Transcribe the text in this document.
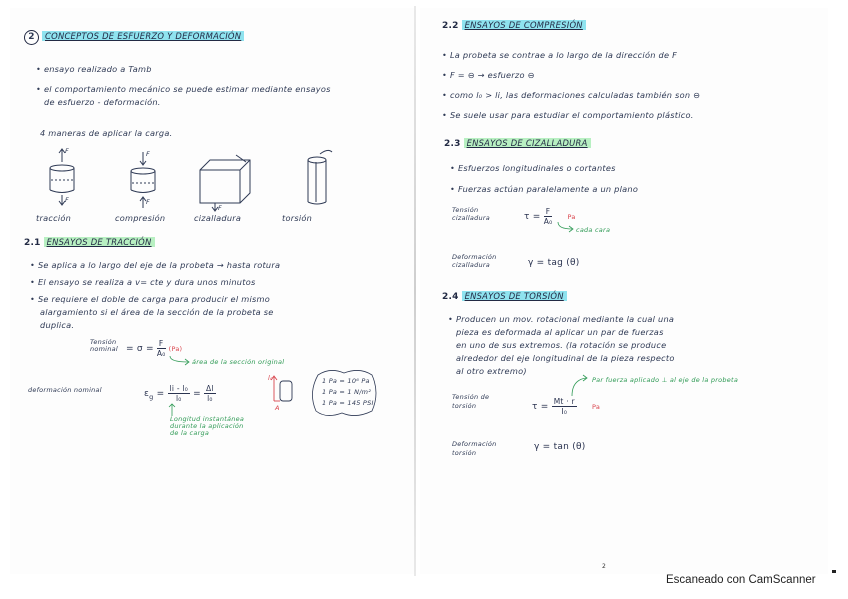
2 CONCEPTOS DE ESFUERZO Y DEFORMACIÓN
• ensayo realizado a Tamb
• el comportamiento mecánico se puede estimar mediante ensayos
de esfuerzo - deformación.
4 maneras de aplicar la carga.
F	F
F	F
F
tracción	compresión	cizalladura	torsión
2.1 ENSAYOS DE TRACCIÓN
• Se aplica a lo largo del eje de la probeta → hasta rotura
• El ensayo se realiza a v= cte y dura unos minutos
• Se requiere el doble de carga para producir el mismo
alargamiento si el área de la sección de la probeta se
duplica.
Tensión
nominal = $\sigma = \frac{F}{\text{A₀}} (Pa)$
área de la sección original
deformación nominal	$\varepsilon_g = \frac{\text{li - l₀}}{\text{l₀}} = \frac{\Delta l}{\text{l₀}}$
l₀
A
1 Pa = 10⁶ Pa
1 Pa = 1 N/m²
1 Pa = 145 PSI
Longitud instantánea
durante la aplicación
de la carga
2.2 ENSAYOS DE COMPRESIÓN
• La probeta se contrae a lo largo de la dirección de F
• F = ⊖ → esfuerzo ⊖
• como l₀ > li, las deformaciones calculadas también son ⊖
• Se suele usar para estudiar el comportamiento plástico.
2.3 ENSAYOS DE CIZALLADURA
• Esfuerzos longitudinales o cortantes
• Fuerzas actúan paralelamente a un plano
Tensión
cizalladura	$\tau = \frac{F}{\text{A₀}}$ Pa
cada cara
Deformación
cizalladura	γ = tag (θ)
2.4 ENSAYOS DE TORSIÓN
• Producen un mov. rotacional mediante la cual una
pieza es deformada al aplicar un par de fuerzas
en uno de sus extremos. (la rotación se produce
alrededor del eje longitudinal de la pieza respecto
al otro extremo)
Par fuerza aplicado ⊥ al eje de la probeta
Tensión de
torsión	$\tau = \frac{Mt \cdot r}{\text{I₀}}$ Pa
Deformación
torsión
γ = tan (θ)
2
Escaneado con CamScanner
